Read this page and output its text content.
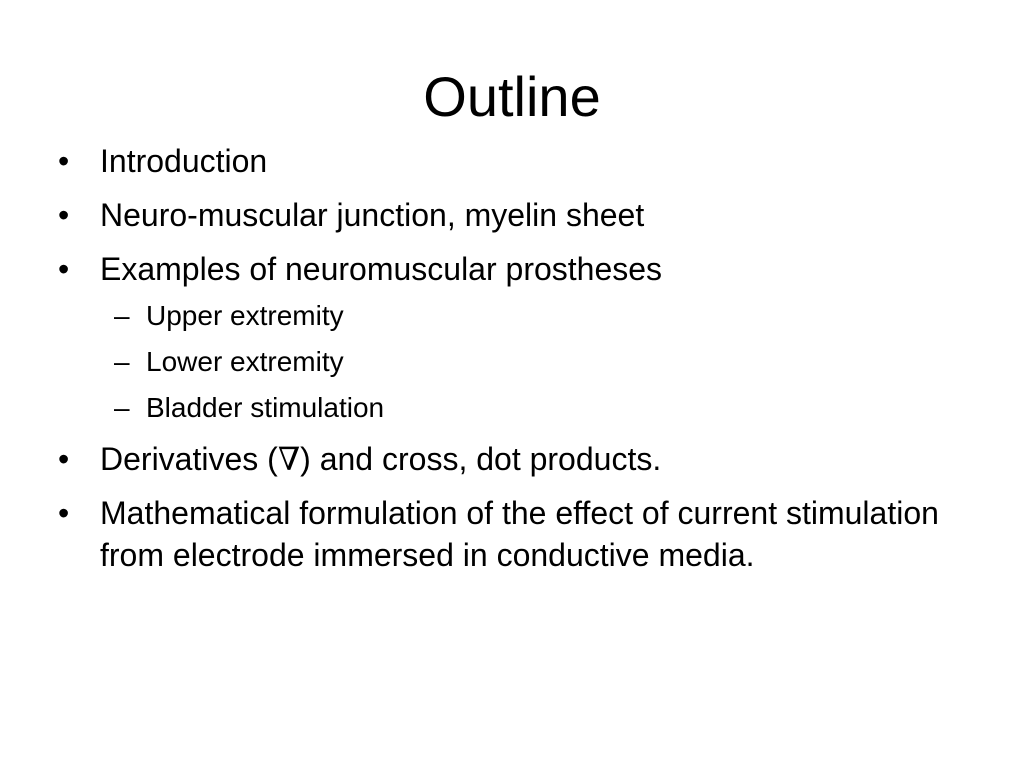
Outline
• Introduction
• Neuro-muscular junction, myelin sheet
• Examples of neuromuscular prostheses
– Upper extremity
– Lower extremity
– Bladder stimulation
• Derivatives (∇) and cross, dot products.
• Mathematical formulation of the effect of current stimulation from electrode immersed in conductive media.
